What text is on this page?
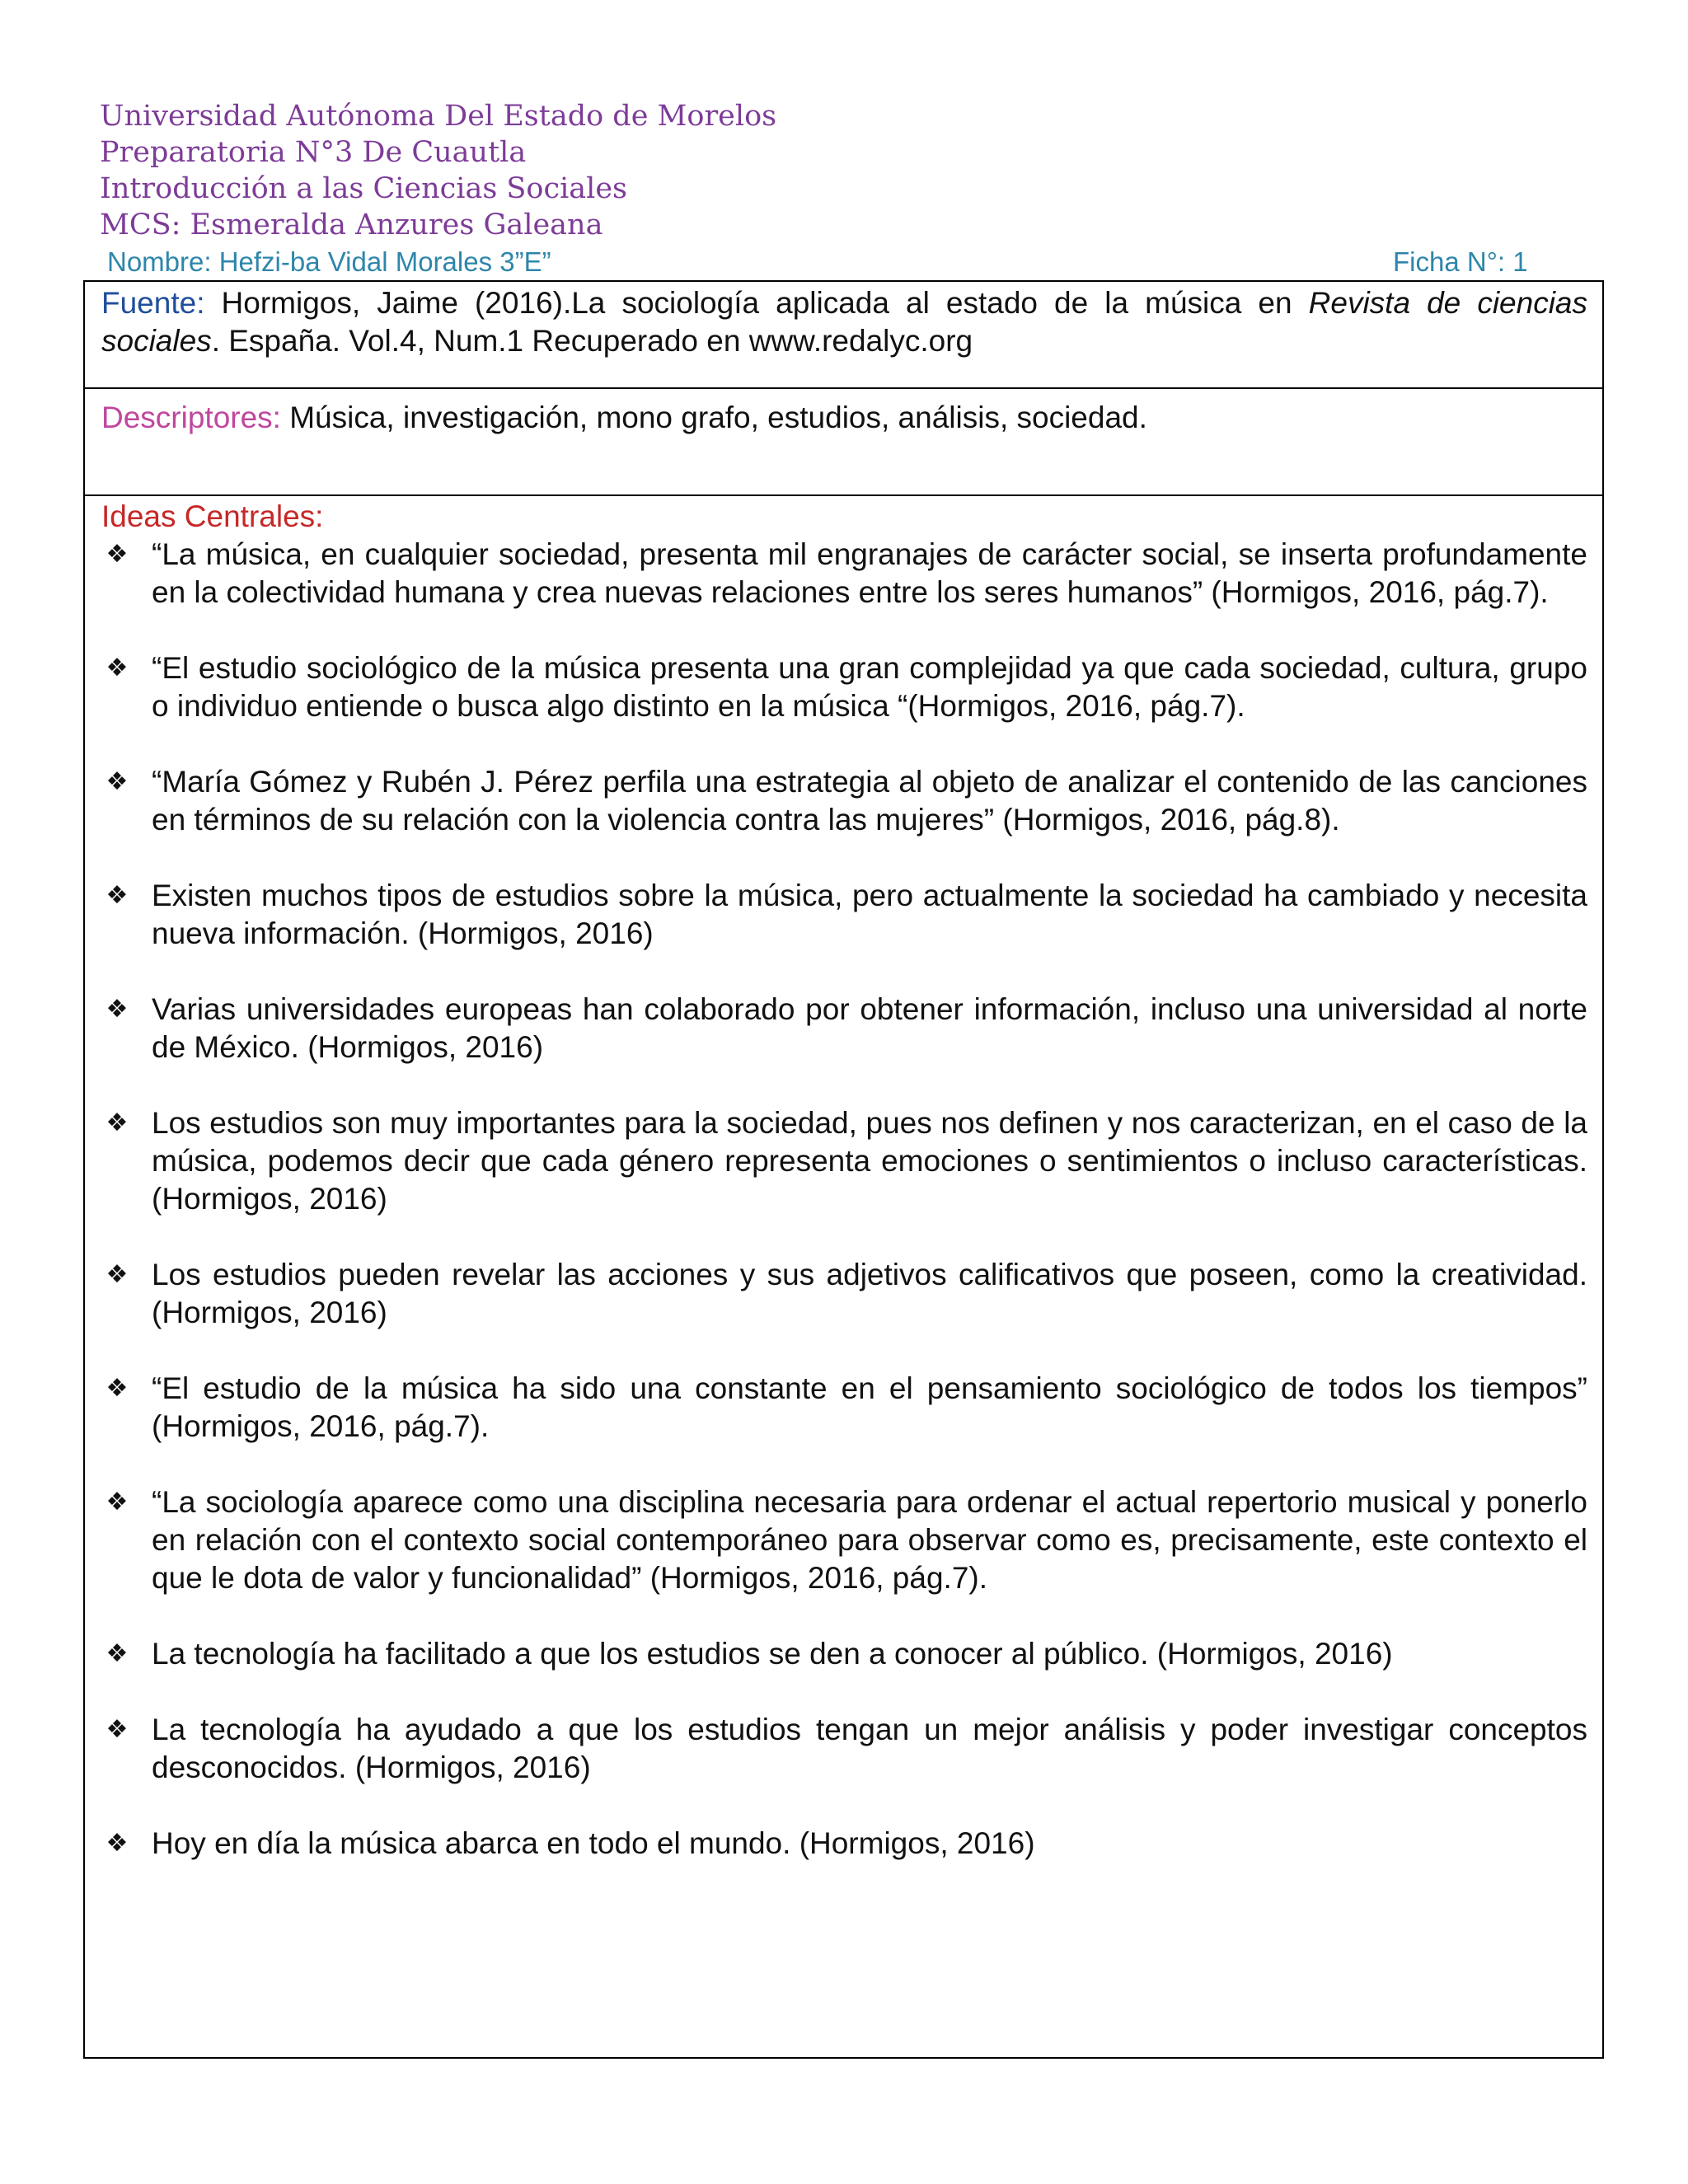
Universidad Autónoma Del Estado de Morelos
Preparatoria N°3 De Cuautla
Introducción a las Ciencias Sociales
MCS: Esmeralda Anzures Galeana
Nombre: Hefzi-ba Vidal Morales 3”E”	Ficha N°: 1
Fuente: Hormigos, Jaime (2016).La sociología aplicada al estado de la música en Revista de ciencias sociales. España. Vol.4, Num.1 Recuperado en www.redalyc.org
Descriptores: Música, investigación, mono grafo, estudios, análisis, sociedad.
Ideas Centrales:
❖ “La música, en cualquier sociedad, presenta mil engranajes de carácter social, se inserta profundamente en la colectividad humana y crea nuevas relaciones entre los seres humanos” (Hormigos, 2016, pág.7).
❖ “El estudio sociológico de la música presenta una gran complejidad ya que cada sociedad, cultura, grupo o individuo entiende o busca algo distinto en la música “(Hormigos, 2016, pág.7).
❖ “María Gómez y Rubén J. Pérez perfila una estrategia al objeto de analizar el contenido de las canciones en términos de su relación con la violencia contra las mujeres” (Hormigos, 2016, pág.8).
❖ Existen muchos tipos de estudios sobre la música, pero actualmente la sociedad ha cambiado y necesita nueva información. (Hormigos, 2016)
❖ Varias universidades europeas han colaborado por obtener información, incluso una universidad al norte de México. (Hormigos, 2016)
❖ Los estudios son muy importantes para la sociedad, pues nos definen y nos caracterizan, en el caso de la música, podemos decir que cada género representa emociones o sentimientos o incluso características. (Hormigos, 2016)
❖ Los estudios pueden revelar las acciones y sus adjetivos calificativos que poseen, como la creatividad.(Hormigos, 2016)
❖ “El estudio de la música ha sido una constante en el pensamiento sociológico de todos los tiempos” (Hormigos, 2016, pág.7).
❖ “La sociología aparece como una disciplina necesaria para ordenar el actual repertorio musical y ponerlo en relación con el contexto social contemporáneo para observar como es, precisamente, este contexto el que le dota de valor y funcionalidad” (Hormigos, 2016, pág.7).
❖ La tecnología ha facilitado a que los estudios se den a conocer al público. (Hormigos, 2016)
❖ La tecnología ha ayudado a que los estudios tengan un mejor análisis y poder investigar conceptos desconocidos. (Hormigos, 2016)
❖ Hoy en día la música abarca en todo el mundo. (Hormigos, 2016)
